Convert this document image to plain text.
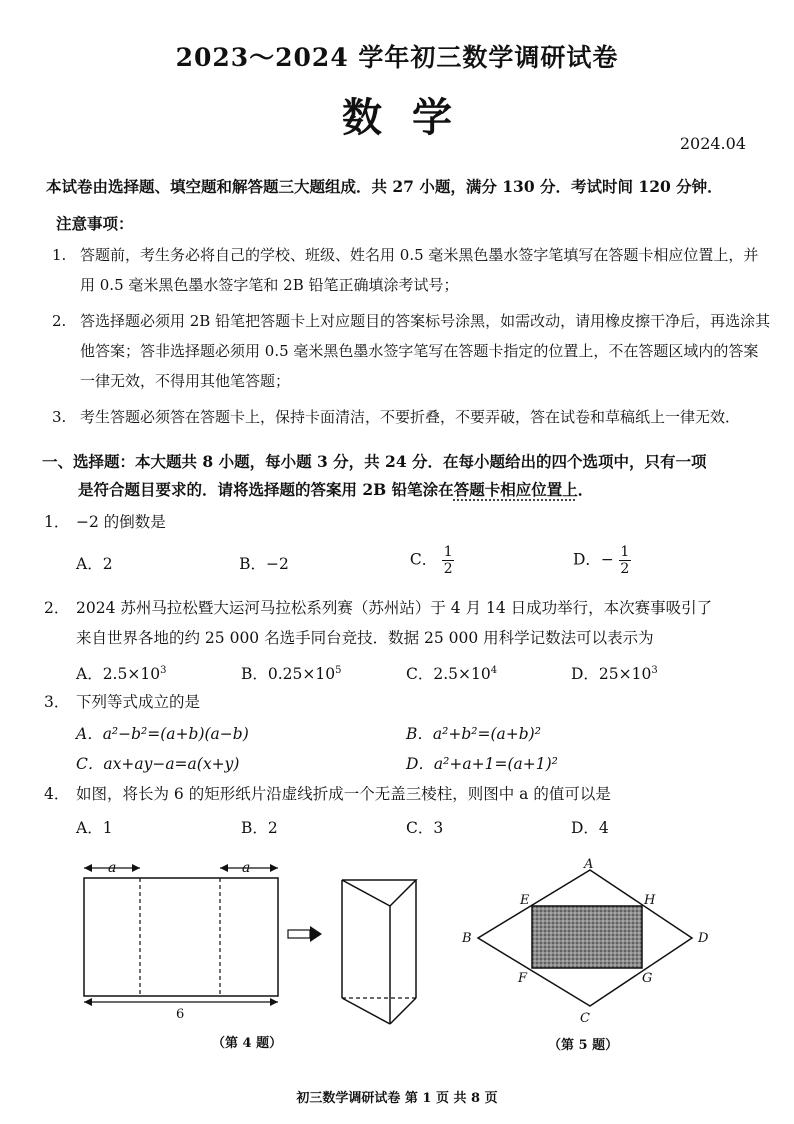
2023～2024 学年初三数学调研试卷
数学
2024.04
本试卷由选择题、填空题和解答题三大题组成．共 27 小题，满分 130 分．考试时间 120 分钟．
注意事项：
1. 答题前，考生务必将自己的学校、班级、姓名用 0.5 毫米黑色墨水签字笔填写在答题卡相应位置上，并用 0.5 毫米黑色墨水签字笔和 2B 铅笔正确填涂考试号；
2. 答选择题必须用 2B 铅笔把答题卡上对应题目的答案标号涂黑，如需改动，请用橡皮擦干净后，再选涂其他答案；答非选择题必须用 0.5 毫米黑色墨水签字笔写在答题卡指定的位置上，不在答题区域内的答案一律无效，不得用其他笔答题；
3. 考生答题必须答在答题卡上，保持卡面清洁，不要折叠，不要弄破，答在试卷和草稿纸上一律无效．
一、选择题：本大题共 8 小题，每小题 3 分，共 24 分．在每小题给出的四个选项中，只有一项
是符合题目要求的．请将选择题的答案用 2B 铅笔涂在答题卡相应位置上．
1． −2 的倒数是
A．2	B．−2	C． $\frac{1}{2}$	D．− $\frac{1}{2}$
2． 2024 苏州马拉松暨大运河马拉松系列赛（苏州站）于 4 月 14 日成功举行，本次赛事吸引了
来自世界各地的约 25 000 名选手同台竞技．数据 25 000 用科学记数法可以表示为
A．$2.5\times 10^3$	B．$0.25\times 10^5$	C．$2.5\times 10^4$	D．$25\times 10^3$
3． 下列等式成立的是
A．a²−b²=(a+b)(a−b)	B．a²+b²=(a+b)²
C．ax+ay−a=a(x+y)	D．a²+a+1=(a+1)²
4． 如图，将长为 6 的矩形纸片沿虚线折成一个无盖三棱柱，则图中 a 的值可以是
A．1	B．2	C．3	D．4
a	a
6
（第 4 题）
A
B
C
D
E
F	G
H
（第 5 题）
初三数学调研试卷 第 1 页 共 8 页
